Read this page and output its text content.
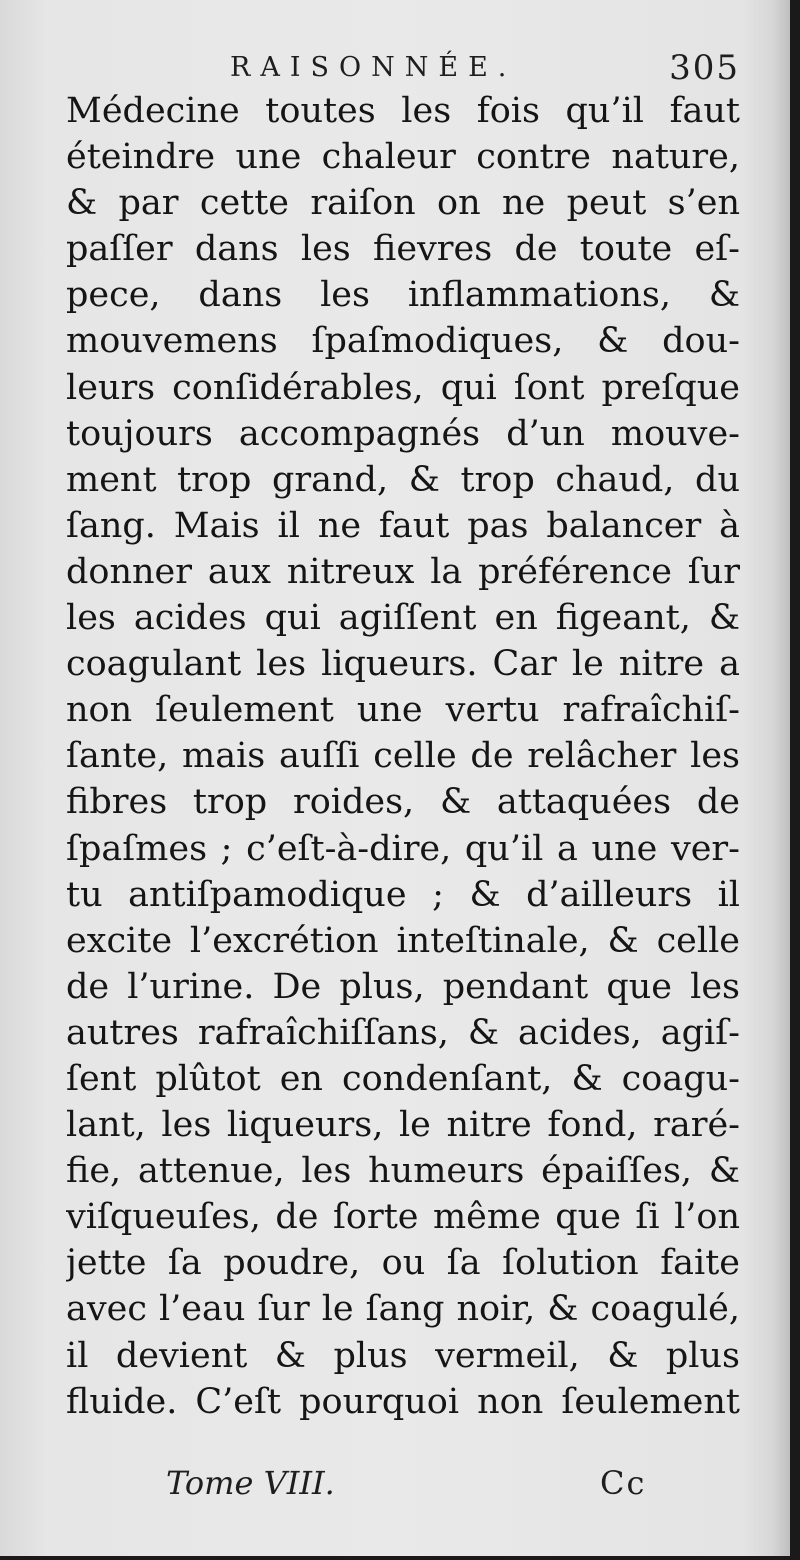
RAISONNÉE.	305
Médecine toutes les fois qu’il faut
éteindre une chaleur contre nature,
& par cette raiſon on ne peut s’en
paſſer dans les fievres de toute eſ-
pece, dans les inflammations, &
mouvemens ſpaſmodiques, & dou-
leurs conſidérables, qui ſont preſque
toujours accompagnés d’un mouve-
ment trop grand, & trop chaud, du
ſang. Mais il ne faut pas balancer à
donner aux nitreux la préférence ſur
les acides qui agiſſent en figeant, &
coagulant les liqueurs. Car le nitre a
non ſeulement une vertu rafraîchiſ-
ſante, mais auſſi celle de relâcher les
fibres trop roides, & attaquées de
ſpaſmes ; c’eſt-à-dire, qu’il a une ver-
tu antiſpamodique ; & d’ailleurs il
excite l’excrétion inteſtinale, & celle
de l’urine. De plus, pendant que les
autres rafraîchiſſans, & acides, agiſ-
ſent plûtot en condenſant, & coagu-
lant, les liqueurs, le nitre fond, raré-
fie, attenue, les humeurs épaiſſes, &
viſqueuſes, de ſorte même que ſi l’on
jette ſa poudre, ou ſa ſolution faite
avec l’eau ſur le ſang noir, & coagulé,
il devient & plus vermeil, & plus
fluide. C’eſt pourquoi non ſeulement
Tome VIII.	Cc
